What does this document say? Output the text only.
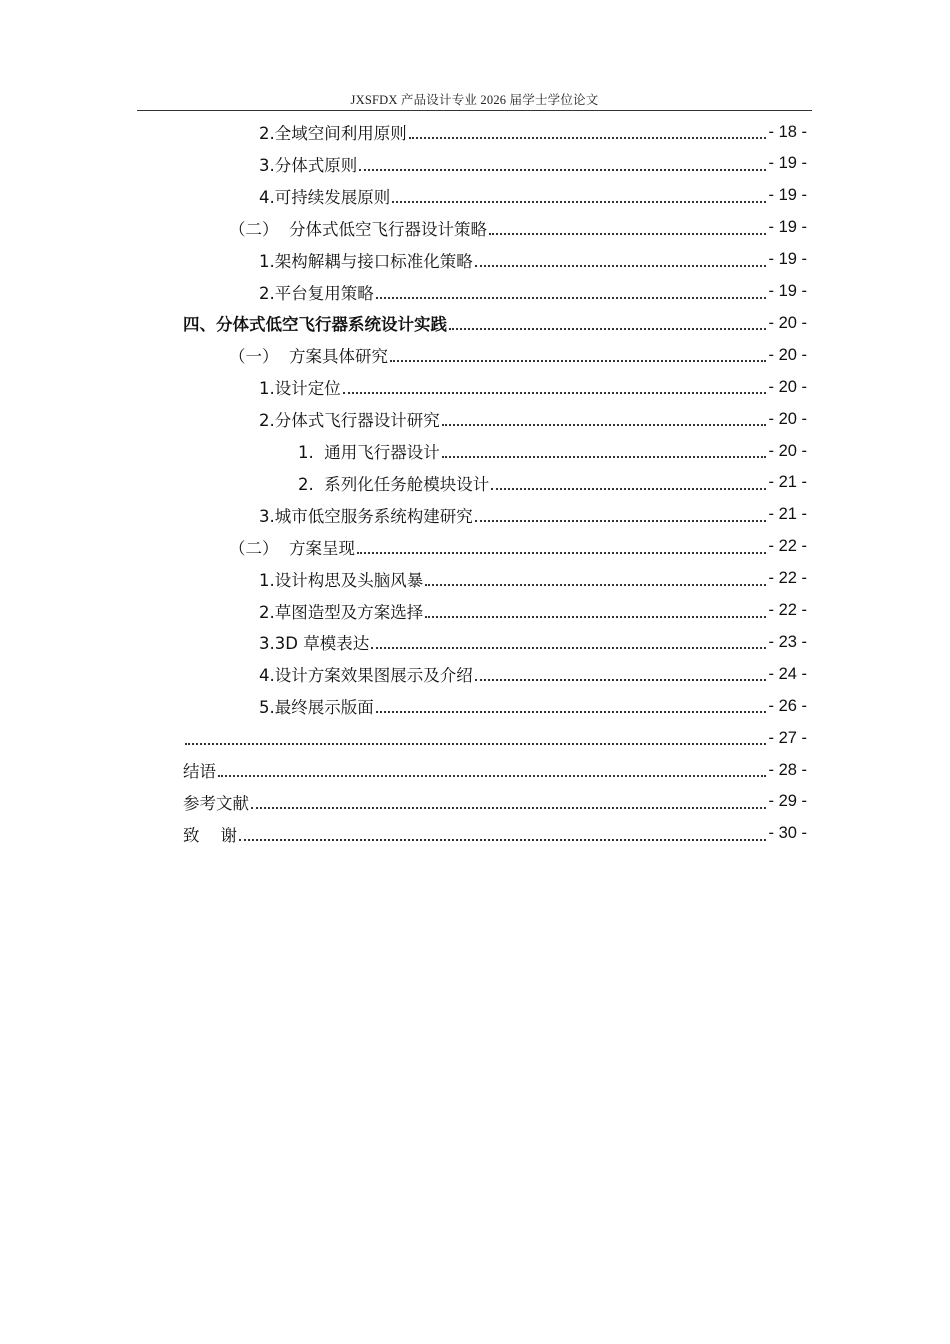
JXSFDX 产品设计专业 2026 届学士学位论文
2.全域空间利用原则	- 18 -
3.分体式原则	- 19 -
4.可持续发展原则	- 19 -
（二）  分体式低空飞行器设计策略	- 19 -
1.架构解耦与接口标准化策略	- 19 -
2.平台复用策略	- 19 -
四、分体式低空飞行器系统设计实践	- 20 -
（一）  方案具体研究	- 20 -
1.设计定位	- 20 -
2.分体式飞行器设计研究	- 20 -
1.  通用飞行器设计	- 20 -
2.  系列化任务舱模块设计	- 21 -
3.城市低空服务系统构建研究	- 21 -
（二）  方案呈现	- 22 -
1.设计构思及头脑风暴	- 22 -
2.草图造型及方案选择	- 22 -
3.3D 草模表达	- 23 -
4.设计方案效果图展示及介绍	- 24 -
5.最终展示版面	- 26 -
- 27 -
结语	- 28 -
参考文献	- 29 -
致    谢	- 30 -
